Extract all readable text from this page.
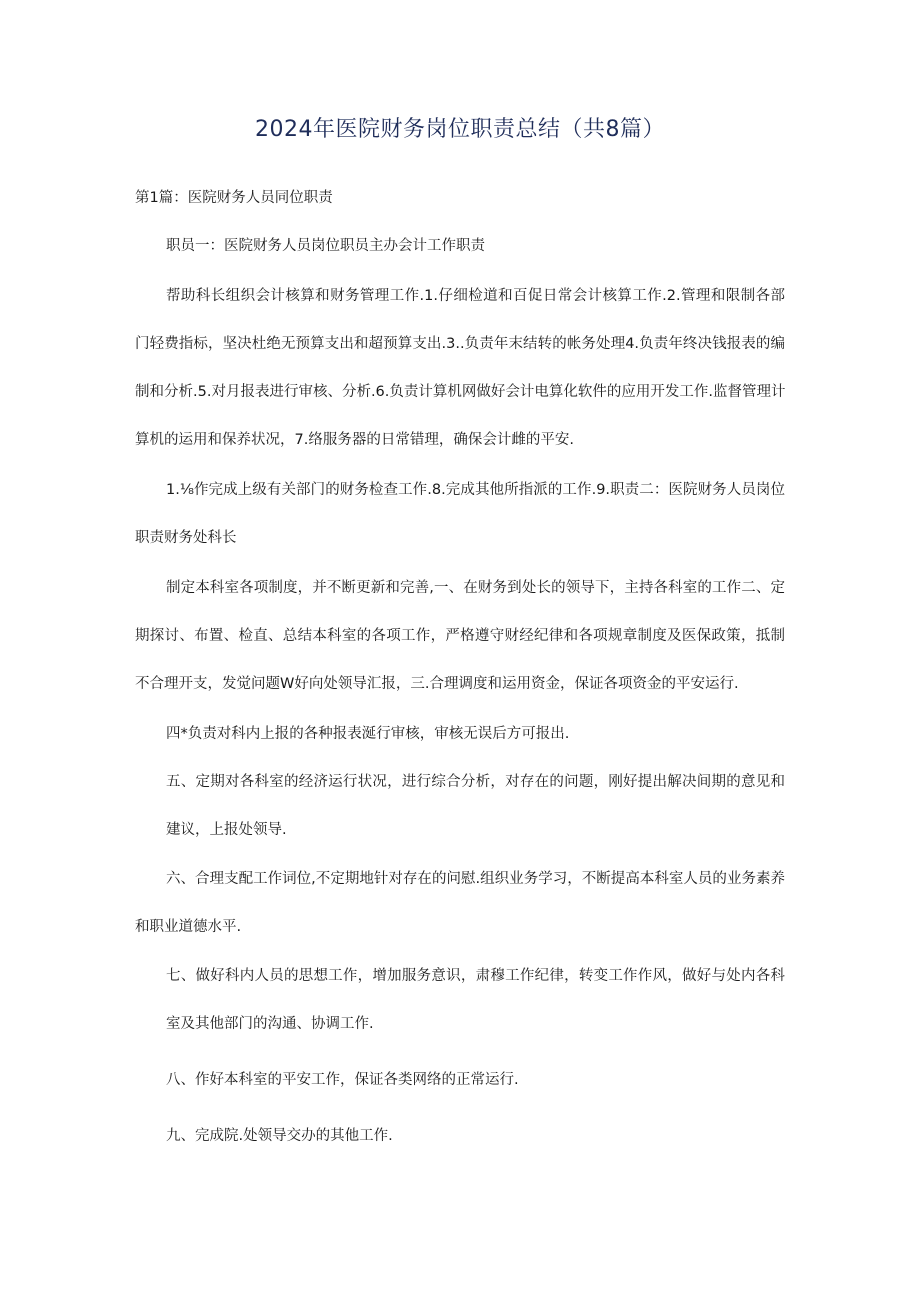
2024年医院财务岗位职责总结（共8篇）
第1篇：医院财务人员同位职责
职员一：医院财务人员岗位职员主办会计工作职责
帮助科长组织会计核算和财务管理工作.1.仔细检道和百促日常会计核算工作.2.管理和限制各部
门轻费指标，坚决杜绝无预算支出和超预算支出.3..负责年末结转的帐务处理4.负责年终决钱报表的编
制和分析.5.对月报表进行审核、分析.6.负责计算机网做好会计电算化软件的应用开发工作.监督管理计
算机的运用和保养状况，7.络服务器的日常错理，确保会计雌的平安.
1.⅛作完成上级有关部门的财务检查工作.8.完成其他所指派的工作.9.职责二：医院财务人员岗位
职责财务处科长
制定本科室各项制度，并不断更新和完善,一、在财务到处长的领导下，主持各科室的工作二、定
期探讨、布置、检直、总结本科室的各项工作，严格遵守财经纪律和各项规章制度及医保政策，抵制
不合理开支，发觉问题W好向处领导汇报，三.合理调度和运用资金，保证各项资金的平安运行.
四*负责对科内上报的各种报表涎行审核，审核无误后方可报出.
五、定期对各科室的经济运行状况，进行综合分析，对存在的问题，刚好提出解决间期的意见和
建议，上报处领导.
六、合理支配工作词位,不定期地针对存在的问慰.组织业务学习，不断提高本科室人员的业务素养
和职业道德水平.
七、做好科内人员的思想工作，增加服务意识，肃穆工作纪律，转变工作作风，做好与处内各科
室及其他部门的沟通、协调工作.
八、作好本科室的平安工作，保证各类网络的正常运行.
九、完成院.处领导交办的其他工作.
